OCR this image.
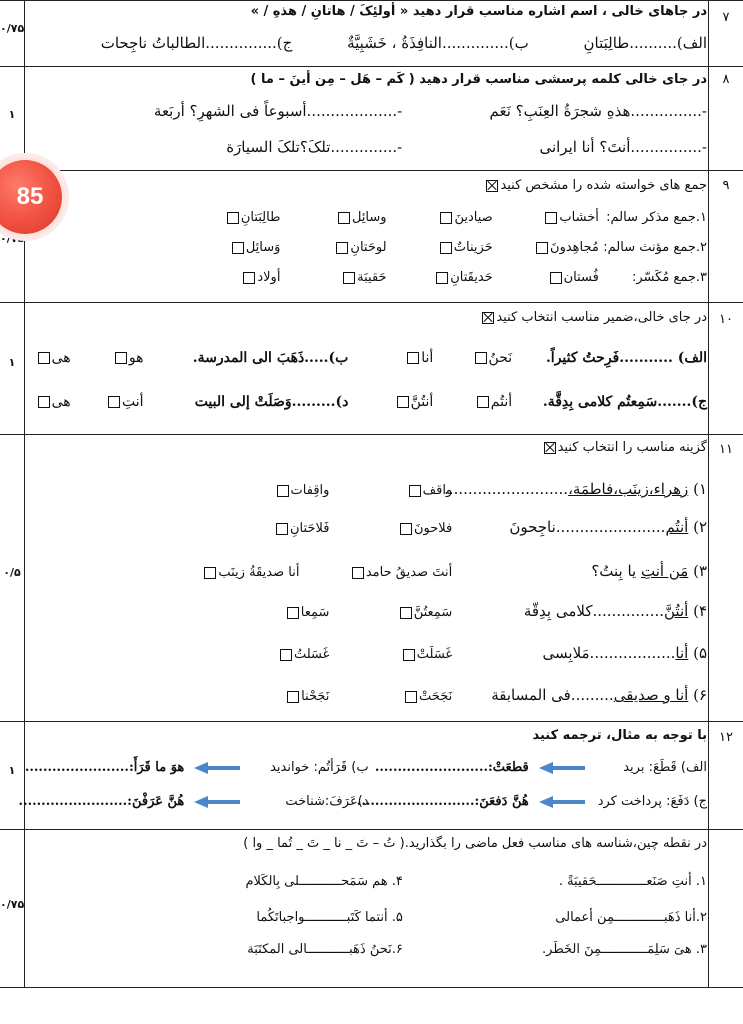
۷
۰/۷۵
در جاهای خالی ، اسم اشاره مناسب قرار دهید « أولئِکَ / هاتانِ / هذهِ / »
الف)..........طالِبَتانِ ب)..............النافِذَةُ ، خَشَبِیَّةٌ ج)...............الطالباتُ ناجِحات
۸
۱
در جای خالی کلمه پرسشی مناسب قرار دهید ( کَم – هَل – مِن أینَ – ما )
-...............هذهِ شجرَةُ العِنَبِ؟ نَعَم -...................أسبوعاً فی الشهرِ؟ أربَعة
-...............أنتَ؟ أنا ایرانی -..............تلکَ؟تلکَ السیارَة
۹
۰/۷۵
جمع های خواسته شده را مشخص کنید
۱.جمع مذکر سالم: أخشاب صیادینَ وسائِل طالِبَتانِ
۲.جمع مؤنث سالم: مُجاهِدونَ حَزیناتٌ لوحَتانِ وَسائِل
۳.جمع مُکَسّر: فُستان حَدیقَتانِ حَقیبَة أولاد
۱۰
۱
در جای خالی،ضمیر مناسب انتخاب کنید
الف) ...........فَرِحتُ کثیراً. نَحنُ أنا ب).....ذَهَبَ الی المدرسة. هو هی
ج).......سَمِعتُم کلامی بِدِقَّة. أنتُم أنتُنَّ د).........وَصَلَتْ إلی البیت أنتِ هی
۱۱
۰/۵
گزینه مناسب را انتخاب کنید
۱) زهراء،زینَب،فاطمَة،.......................... واقف واقِفات
۲) أنتُم.......................ناجِحونَ فلاحونَ فَلاحَتانِ
۳) مَن أنتِ یا بِنتُ؟ أنتَ صدیقُ حامد أنا صدیقَةُ زینَب
۴) أنتُنَّ...............کلامی بِدِقّة سَمِعتُنَّ سَمِعا
۵) أنا..................مَلابِسی غَسَلَتْ غَسَلتُ
۶) أنا و صدیقی.........فی المسابقة نَجَحَتْ نَجَحْنا
۱۲
۱
با توجه به مثال، ترجمه کنید
الف) قَطَعَ: برید  قطعَتْ:......................... ب) قَرَأتُم: خواندید  هوَ ما قَرَأَ:.......................
ج) دَفَعَ: پرداخت کرد  هُنَّ دَفعَنَ:.......................... د)عَرَفَ:شناخت  هُنَّ عَرَفْنَ:........................
۰/۷۵
در نقطه چین،شناسه های مناسب فعل ماضی را بگذارید.( تُ – تَ _ نا _ تَ _ تُما _ وا )
۱. أنتِ صَنَعـــــــــــــحَقیبَةً . ۴. هم سَمَحـــــــــــلی بِالکَلام
۲.أنا ذَهَبـــــــــــــمِن أعمالی ۵. أنتما کَتَبـــــــــــواجباتَکُما
۳. هیَ سَلِمَــــــــــــمِنَ الخَطَر. ۶.نَحنُ ذَهَبـــــــــــالی المکتَبَة
85
